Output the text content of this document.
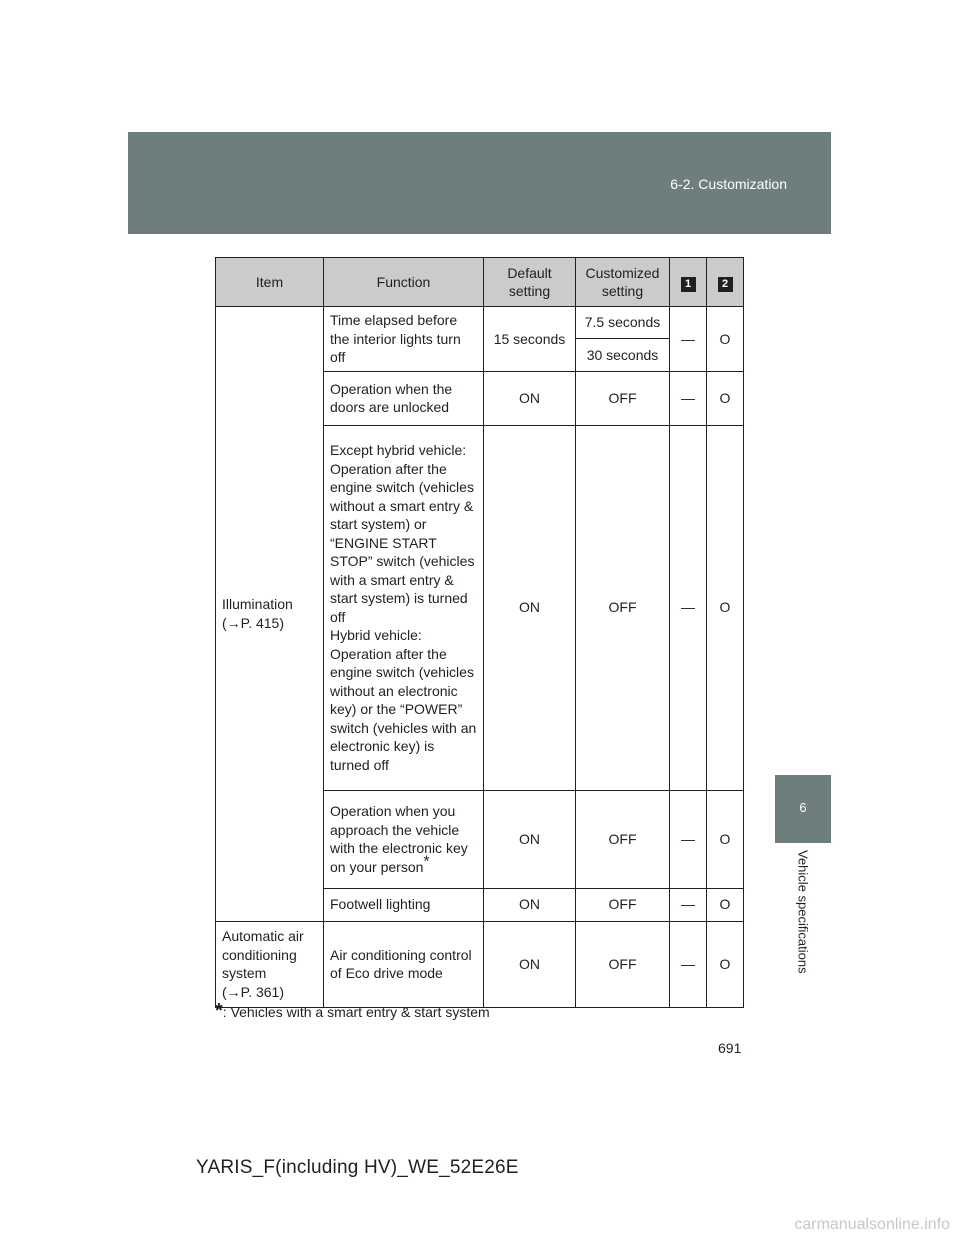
6-2. Customization
6
Vehicle specifications
Item	Function	Default setting	Customized setting	1	2

Illumination
(→P. 415)	Time elapsed before the interior lights turn off	15 seconds	7.5 seconds	—	O
			30 seconds		
	Operation when the doors are unlocked	ON	OFF	—	O

	Except hybrid vehicle:
Operation after the engine switch (vehicles without a smart entry & start system) or “ENGINE START STOP” switch (vehicles with a smart entry & start system) is turned off
Hybrid vehicle:
Operation after the engine switch (vehicles without an electronic key) or the “POWER” switch (vehicles with an electronic key) is turned off	ON	OFF	—	O
	Operation when you approach the vehicle with the electronic key on your person*	ON	OFF	—	O
	Footwell lighting	ON	OFF	—	O

Automatic air conditioning system
(→P. 361)	Air conditioning control of Eco drive mode	ON	OFF	—	O
*: Vehicles with a smart entry & start system
691
YARIS_F(including HV)_WE_52E26E
carmanualsonline.info
